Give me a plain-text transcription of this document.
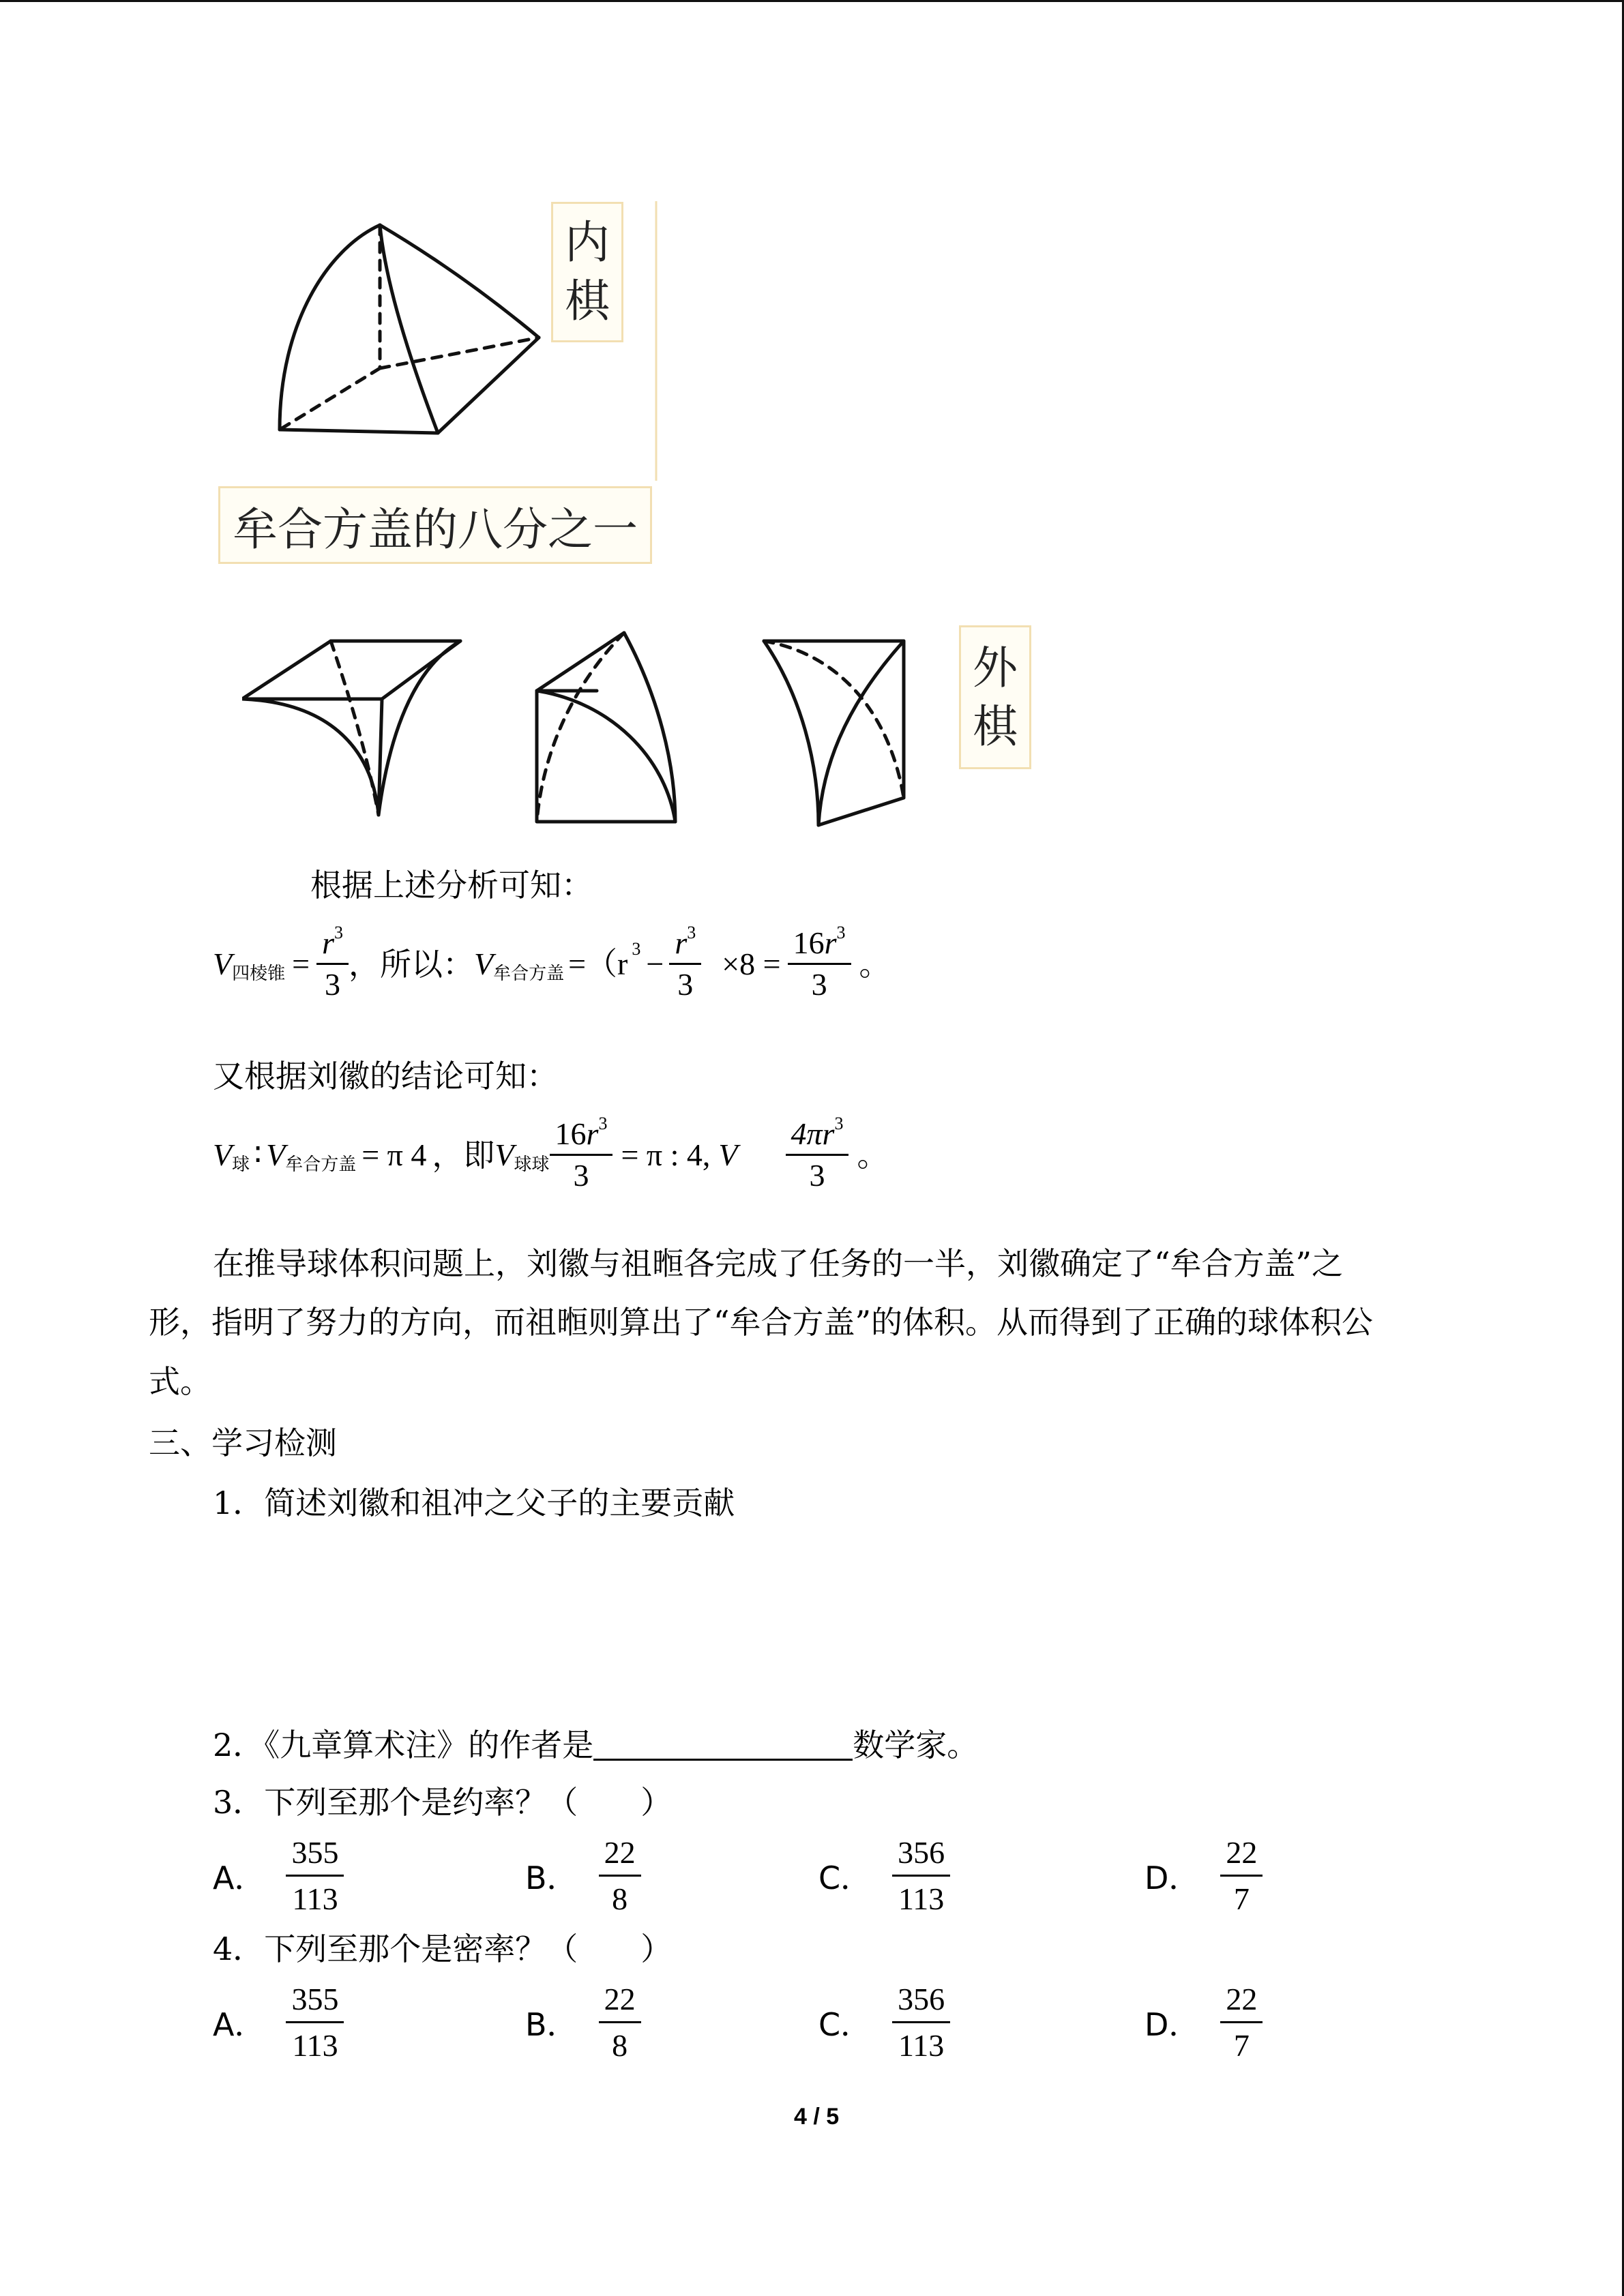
内
棋
牟合方盖的八分之一
外
棋
根据上述分析可知：
V 四棱锥 = $\frac{r^3}{3}$ ，所以： V 牟合方盖 =（r $3 - \frac{r^3}{3} \times 8 = \frac{16r^3}{3}$ 。
又根据刘徽的结论可知：
V 球 ∶ V 牟合方盖 = π 4 ，即 V 球球 $\frac{16r^3}{3} = \pi$ : 4, V $\frac{4\pi r^3}{3}$ 。
在推导球体积问题上，刘徽与祖暅各完成了任务的一半，刘徽确定了“牟合方盖”之
形，指明了努力的方向，而祖暅则算出了“牟合方盖”的体积。从而得到了正确的球体积公
式。
三、学习检测
1．简述刘徽和祖冲之父子的主要贡献
2．《九章算术注》的作者是	数学家。
3．下列至那个是约率？（　　）
A． $\frac{355}{113}$	B． $\frac{22}{8}$	C． $\frac{356}{113}$	D． $\frac{22}{7}$
4．下列至那个是密率？（　　）
A． $\frac{355}{113}$	B． $\frac{22}{8}$	C． $\frac{356}{113}$	D． $\frac{22}{7}$
4 / 5
